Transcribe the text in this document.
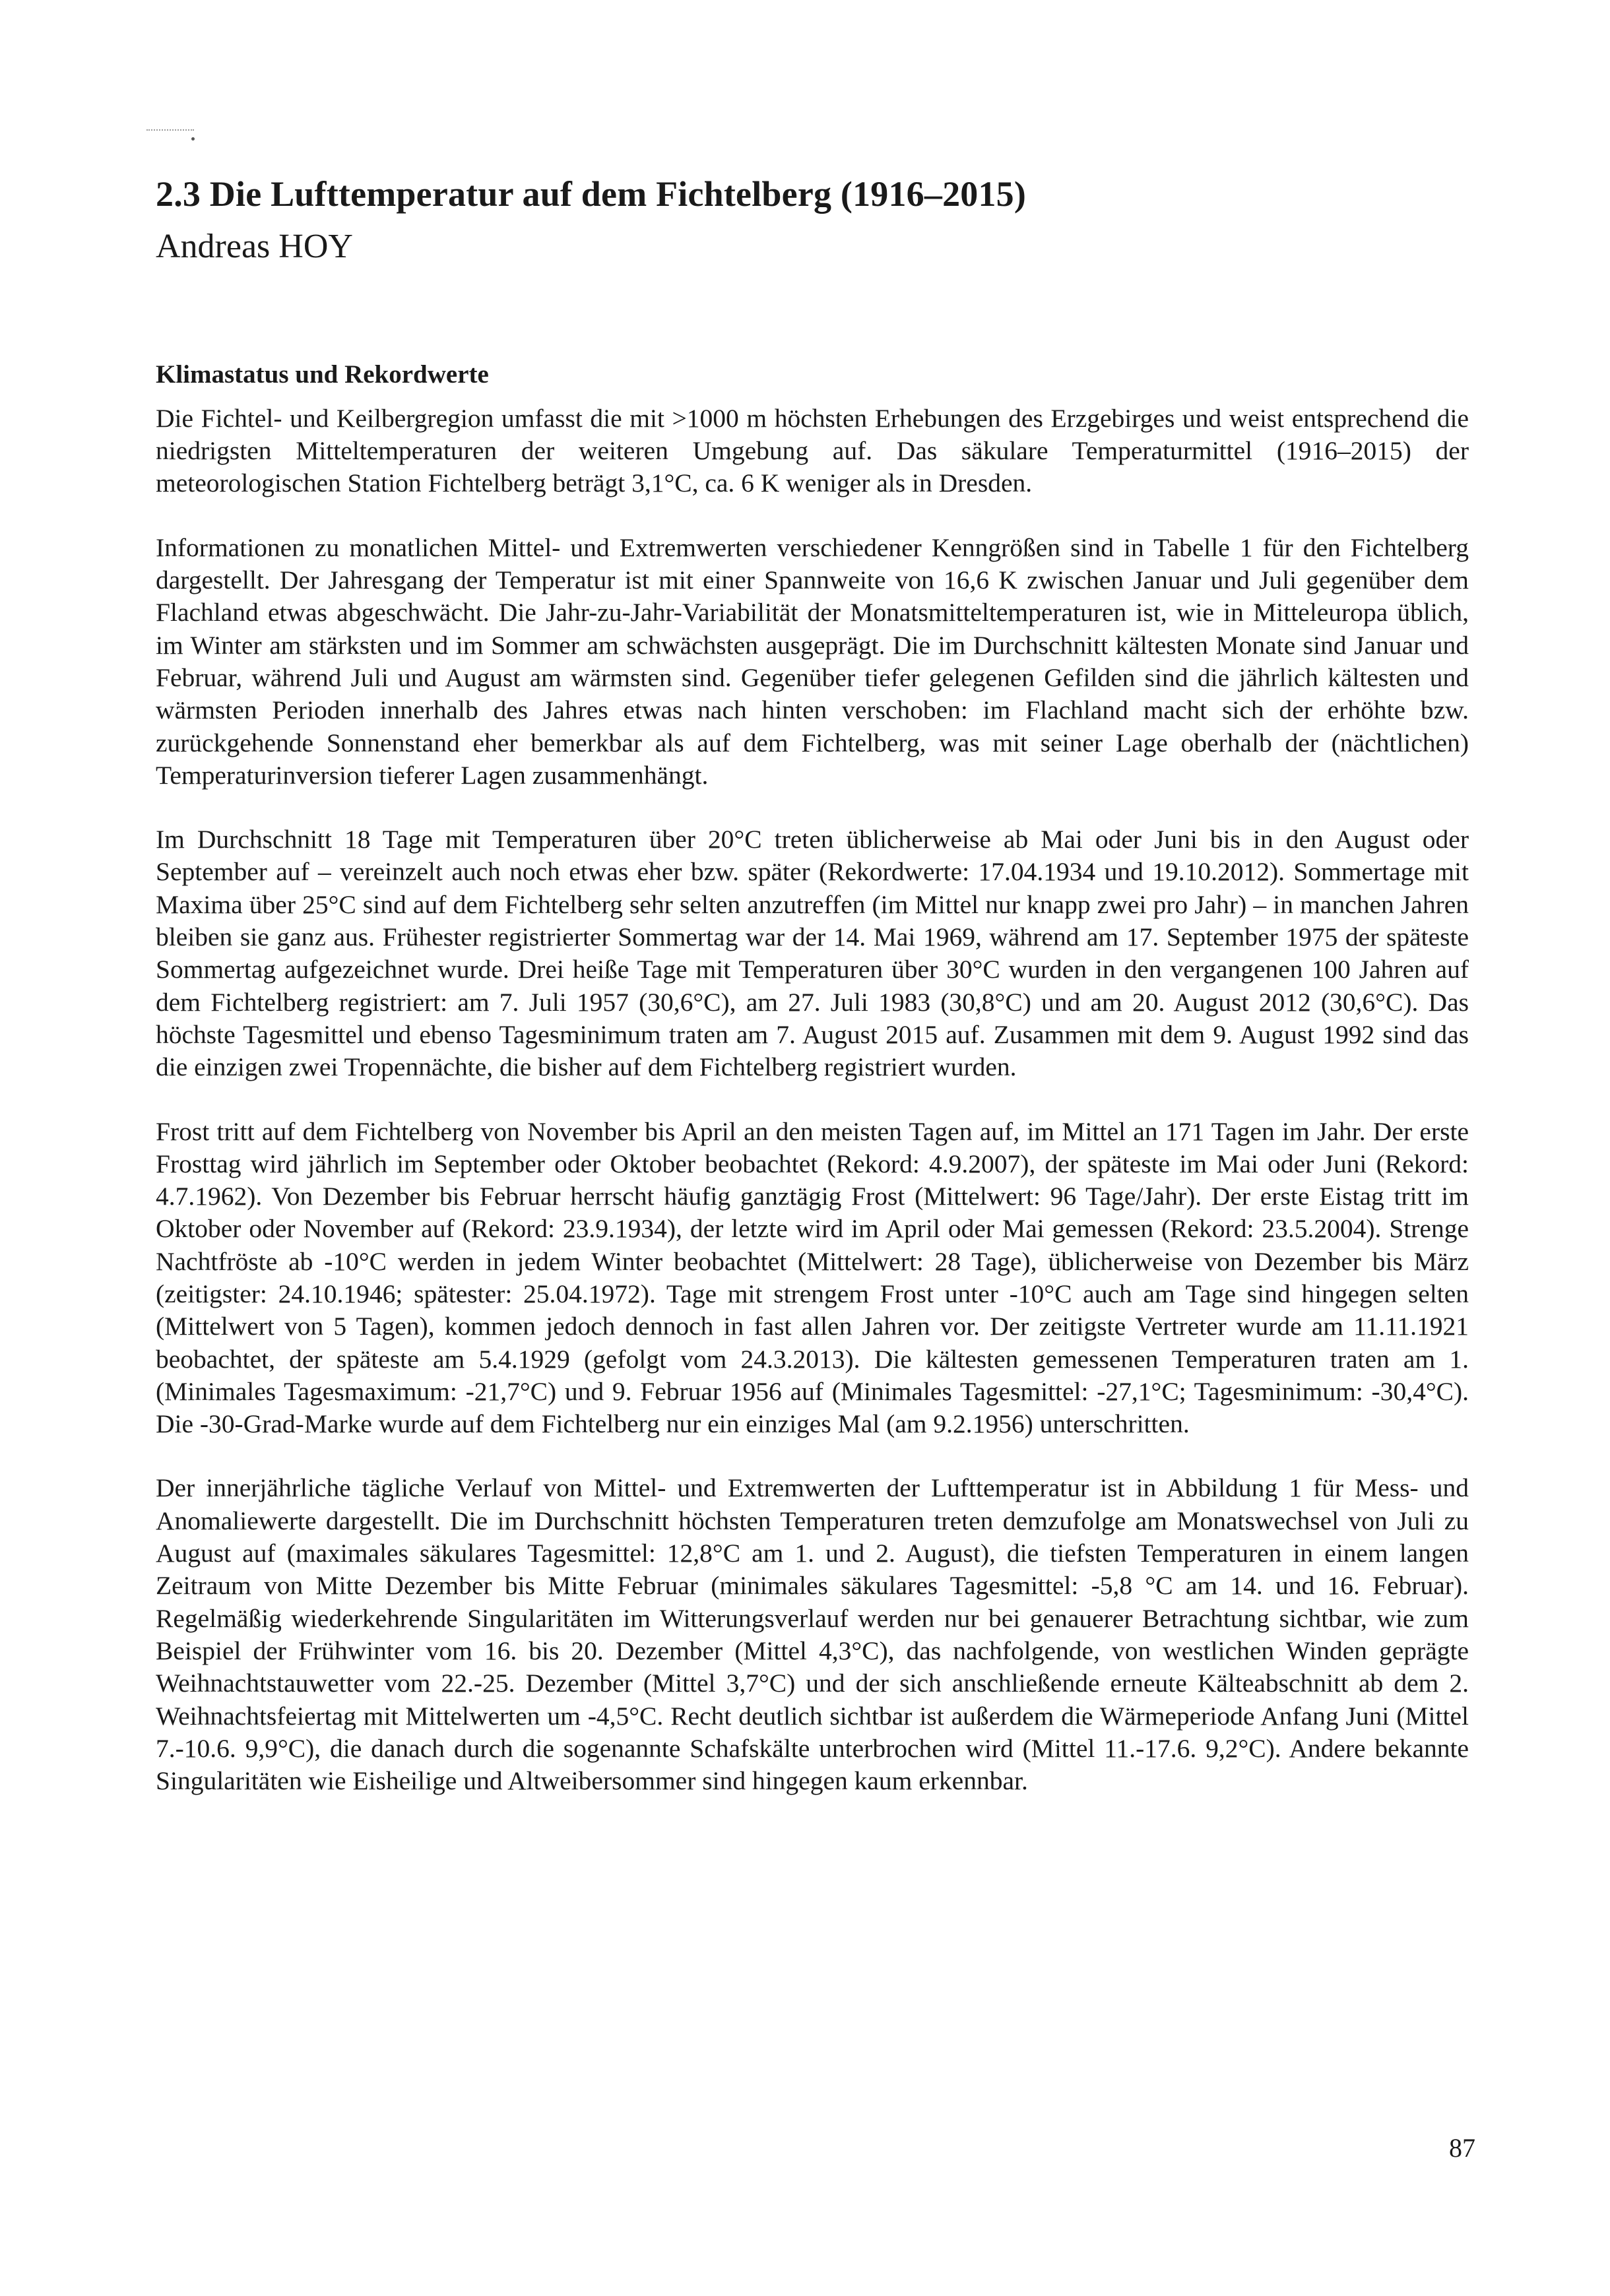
2.3 Die Lufttemperatur auf dem Fichtelberg (1916–2015)
Andreas HOY
Klimastatus und Rekordwerte

Die Fichtel- und Keilbergregion umfasst die mit >1000 m höchsten Erhebungen des Erzgebirges und weist entsprechend die niedrigsten Mitteltemperaturen der weiteren Umgebung auf. Das säkulare Temperaturmittel (1916–2015) der meteorologischen Station Fichtelberg beträgt 3,1°C, ca. 6 K weniger als in Dresden.

Informationen zu monatlichen Mittel- und Extremwerten verschiedener Kenngrößen sind in Tabelle 1 für den Fichtelberg dargestellt. Der Jahresgang der Temperatur ist mit einer Spannweite von 16,6 K zwischen Januar und Juli gegenüber dem Flachland etwas abgeschwächt. Die Jahr-zu-Jahr-Variabilität der Monatsmitteltemperaturen ist, wie in Mitteleuropa üblich, im Winter am stärksten und im Sommer am schwächsten ausgeprägt. Die im Durchschnitt kältesten Monate sind Januar und Februar, während Juli und August am wärmsten sind. Gegenüber tiefer gelegenen Gefilden sind die jährlich kältesten und wärmsten Perioden innerhalb des Jahres etwas nach hinten verschoben: im Flachland macht sich der erhöhte bzw. zurückgehende Sonnenstand eher bemerkbar als auf dem Fichtelberg, was mit seiner Lage oberhalb der (nächtlichen) Temperaturinversion tieferer Lagen zusammenhängt.

Im Durchschnitt 18 Tage mit Temperaturen über 20°C treten üblicherweise ab Mai oder Juni bis in den August oder September auf – vereinzelt auch noch etwas eher bzw. später (Rekordwerte: 17.04.1934 und 19.10.2012). Sommertage mit Maxima über 25°C sind auf dem Fichtelberg sehr selten anzutreffen (im Mittel nur knapp zwei pro Jahr) – in manchen Jahren bleiben sie ganz aus. Frühester registrierter Sommertag war der 14. Mai 1969, während am 17. September 1975 der späteste Sommertag aufgezeichnet wurde. Drei heiße Tage mit Temperaturen über 30°C wurden in den vergangenen 100 Jahren auf dem Fichtelberg registriert: am 7. Juli 1957 (30,6°C), am 27. Juli 1983 (30,8°C) und am 20. August 2012 (30,6°C). Das höchste Tagesmittel und ebenso Tagesminimum traten am 7. August 2015 auf. Zusammen mit dem 9. August 1992 sind das die einzigen zwei Tropennächte, die bisher auf dem Fichtelberg registriert wurden.

Frost tritt auf dem Fichtelberg von November bis April an den meisten Tagen auf, im Mittel an 171 Tagen im Jahr. Der erste Frosttag wird jährlich im September oder Oktober beobachtet (Rekord: 4.9.2007), der späteste im Mai oder Juni (Rekord: 4.7.1962). Von Dezember bis Februar herrscht häufig ganztägig Frost (Mittelwert: 96 Tage/Jahr). Der erste Eistag tritt im Oktober oder November auf (Rekord: 23.9.1934), der letzte wird im April oder Mai gemessen (Rekord: 23.5.2004). Strenge Nachtfröste ab -10°C werden in jedem Winter beobachtet (Mittelwert: 28 Tage), üblicherweise von Dezember bis März (zeitigster: 24.10.1946; spätester: 25.04.1972). Tage mit strengem Frost unter -10°C auch am Tage sind hingegen selten (Mittelwert von 5 Tagen), kommen jedoch dennoch in fast allen Jahren vor. Der zeitigste Vertreter wurde am 11.11.1921 beobachtet, der späteste am 5.4.1929 (gefolgt vom 24.3.2013). Die kältesten gemessenen Temperaturen traten am 1. (Minimales Tagesmaximum: -21,7°C) und 9. Februar 1956 auf (Minimales Tagesmittel: -27,1°C; Tagesminimum: -30,4°C). Die -30-Grad-Marke wurde auf dem Fichtelberg nur ein einziges Mal (am 9.2.1956) unterschritten.

Der innerjährliche tägliche Verlauf von Mittel- und Extremwerten der Lufttemperatur ist in Abbildung 1 für Mess- und Anomaliewerte dargestellt. Die im Durchschnitt höchsten Temperaturen treten demzufolge am Monatswechsel von Juli zu August auf (maximales säkulares Tagesmittel: 12,8°C am 1. und 2. August), die tiefsten Temperaturen in einem langen Zeitraum von Mitte Dezember bis Mitte Februar (minimales säkulares Tagesmittel: -5,8 °C am 14. und 16. Februar). Regelmäßig wiederkehrende Singularitäten im Witterungsverlauf werden nur bei genauerer Betrachtung sichtbar, wie zum Beispiel der Frühwinter vom 16. bis 20. Dezember (Mittel 4,3°C), das nachfolgende, von westlichen Winden geprägte Weihnachtstauwetter vom 22.-25. Dezember (Mittel 3,7°C) und der sich anschließende erneute Kälteabschnitt ab dem 2. Weihnachtsfeiertag mit Mittelwerten um -4,5°C. Recht deutlich sichtbar ist außerdem die Wärmeperiode Anfang Juni (Mittel 7.-10.6. 9,9°C), die danach durch die sogenannte Schafskälte unterbrochen wird (Mittel 11.-17.6. 9,2°C). Andere bekannte Singularitäten wie Eisheilige und Altweibersommer sind hingegen kaum erkennbar.

87
